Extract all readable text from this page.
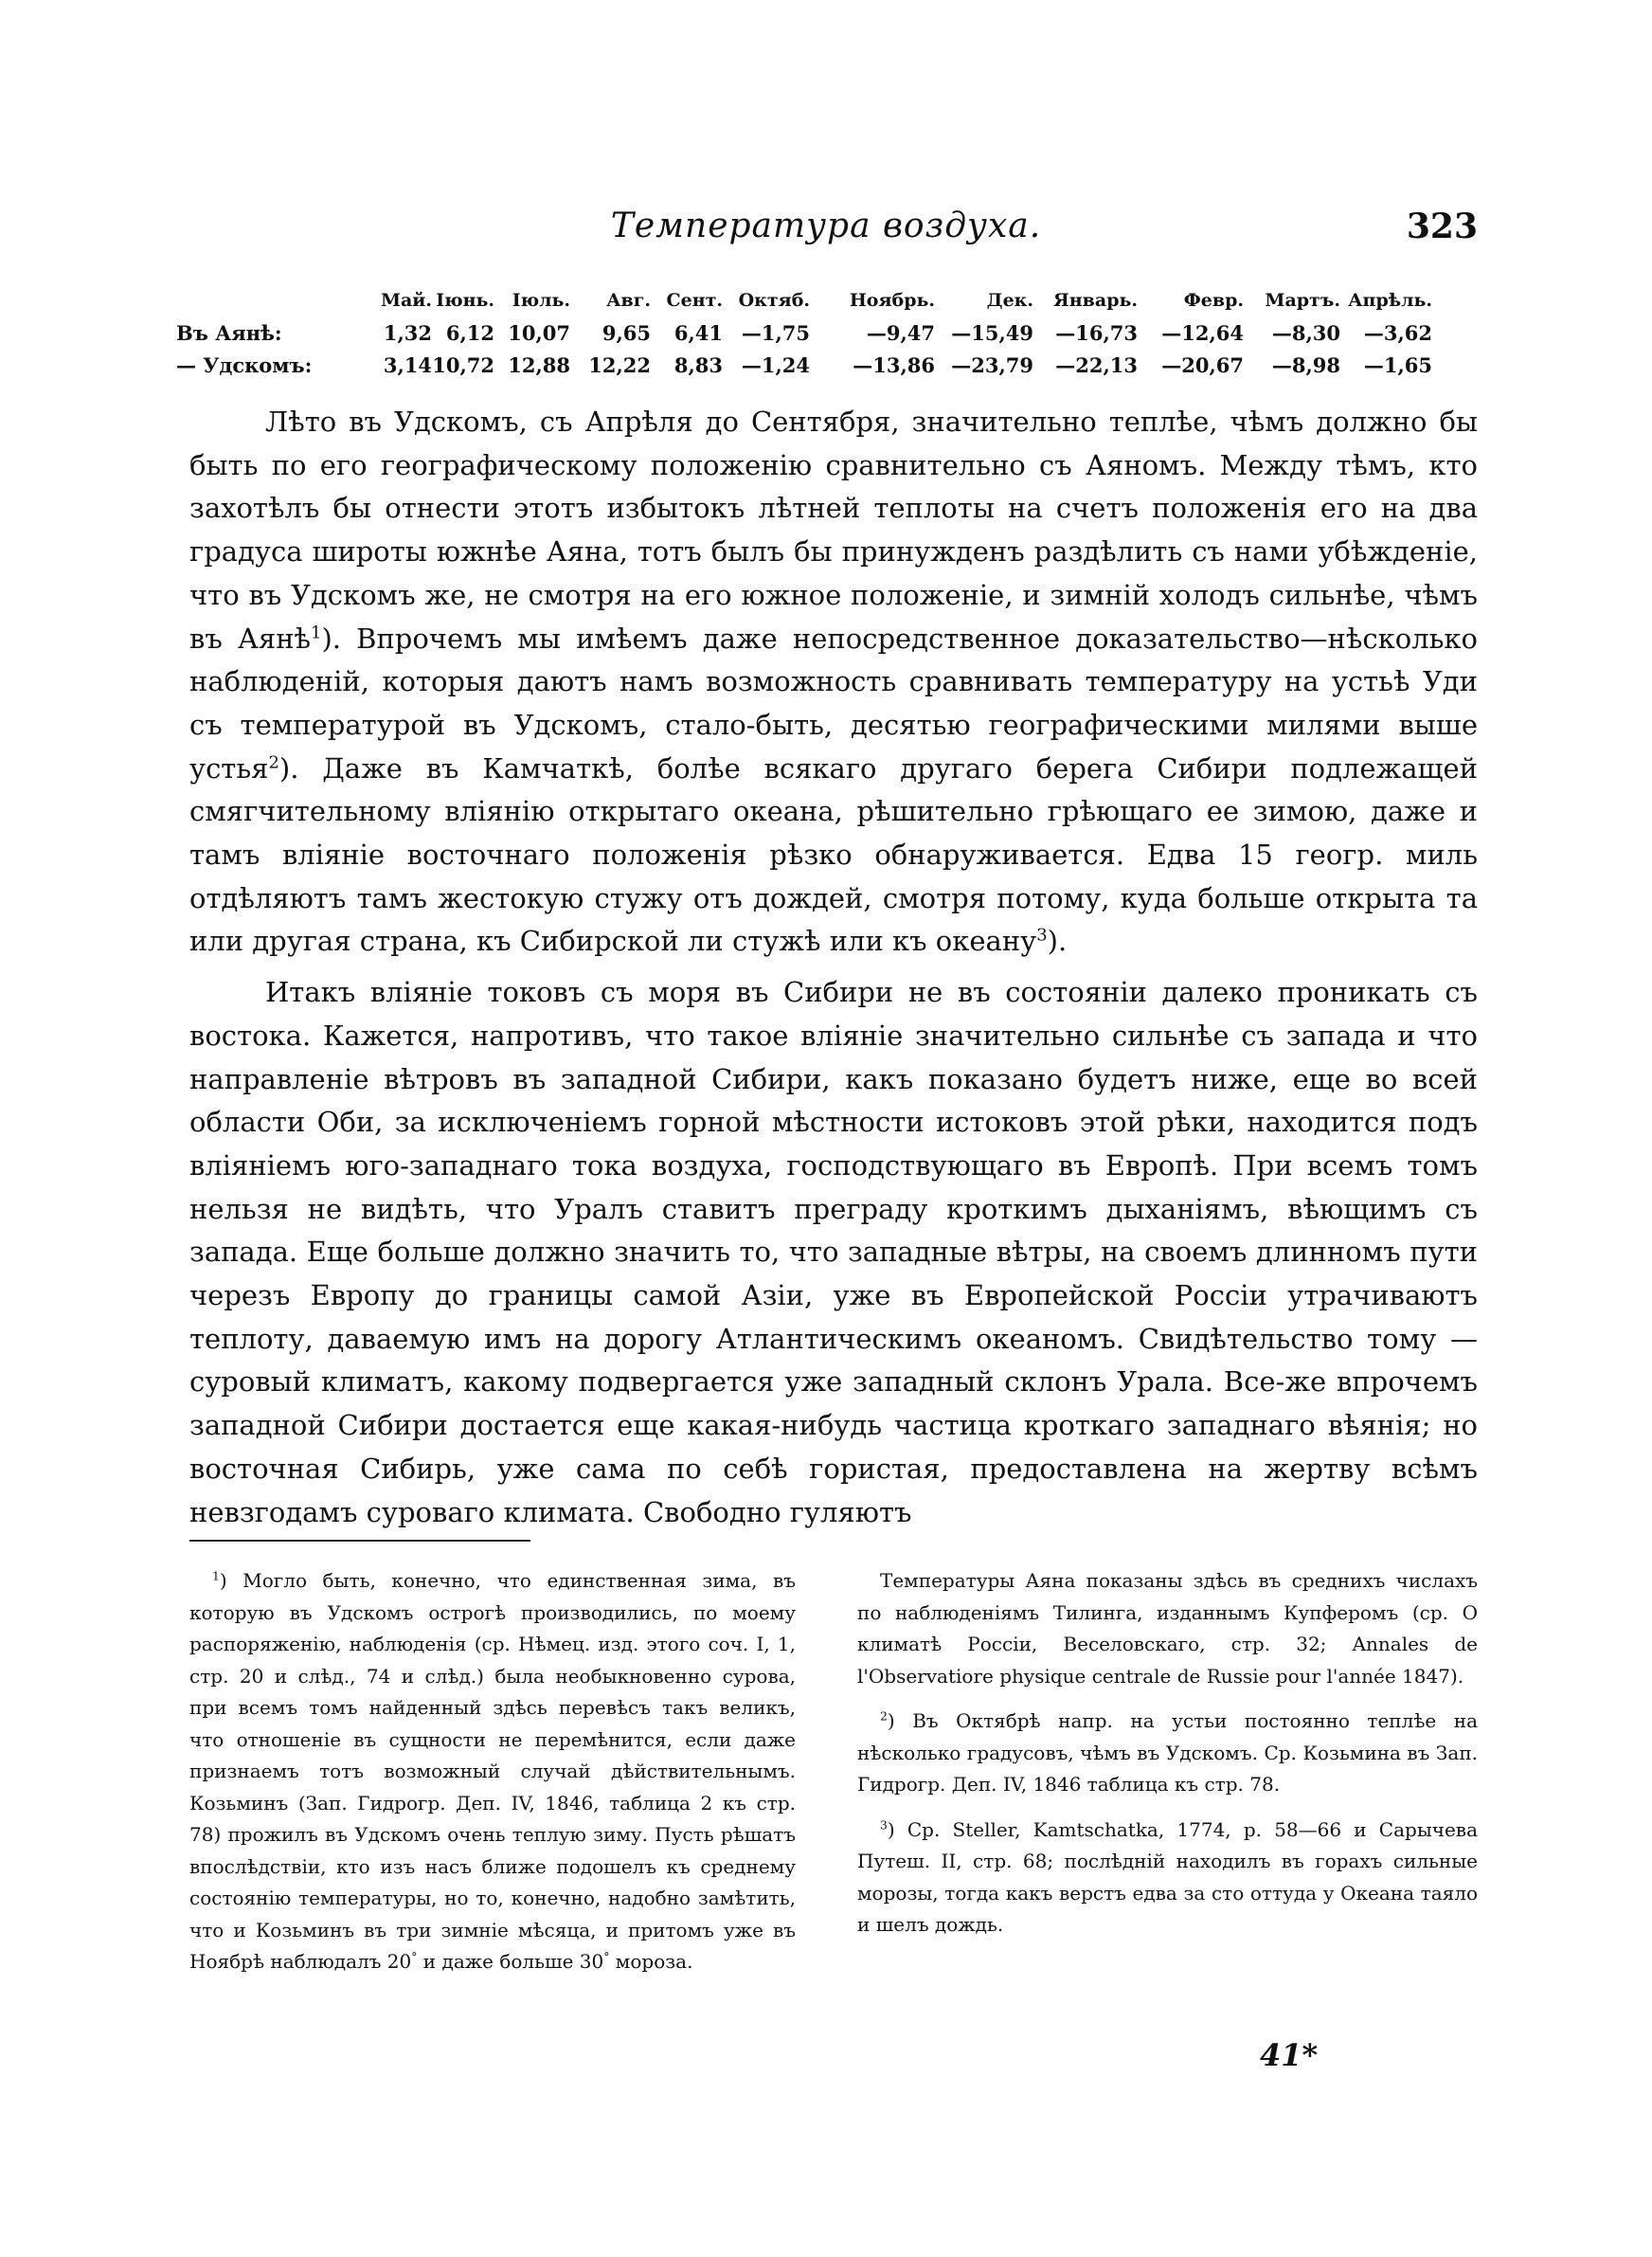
Температура воздуха.	323
	Май.	Іюнь.	Іюль.	Авг.	Сент.	Октяб.	Ноябрь.	Дек.	Январь.	Февр.	Мартъ.	Апрѣль.
Въ Аянѣ:	1,32	6,12	10,07	9,65	6,41	—1,75	—9,47	—15,49	—16,73	—12,64	—8,30	—3,62
— Удскомъ:	3,14	10,72	12,88	12,22	8,83	—1,24	—13,86	—23,79	—22,13	—20,67	—8,98	—1,65

Лѣто въ Удскомъ, съ Апрѣля до Сентября, значительно теплѣе, чѣмъ должно бы быть по его географическому положенію сравнительно съ Аяномъ. Между тѣмъ, кто захотѣлъ бы отнести этотъ избытокъ лѣтней теплоты на счетъ положенія его на два градуса широты южнѣе Аяна, тотъ былъ бы принужденъ раздѣлить съ нами убѣжденіе, что въ Удскомъ же, не смотря на его южное положеніе, и зимній холодъ сильнѣе, чѣмъ въ Аянѣ$^1$). Впрочемъ мы имѣемъ даже непосредственное доказательство—нѣсколько наблюденій, которыя даютъ намъ возможность сравнивать температуру на устьѣ Уди съ температурой въ Удскомъ, стало-быть, десятью географическими милями выше устья$^2$). Даже въ Камчаткѣ, болѣе всякаго другаго берега Сибири подлежащей смягчительному вліянію открытаго океана, рѣшительно грѣющаго ее зимою, даже и тамъ вліяніе восточнаго положенія рѣзко обнаруживается. Едва 15 геогр. миль отдѣляютъ тамъ жестокую стужу отъ дождей, смотря потому, куда больше открыта та или другая страна, къ Сибирской ли стужѣ или къ океану$^3$).

Итакъ вліяніе токовъ съ моря въ Сибири не въ состояніи далеко проникать съ востока. Кажется, напротивъ, что такое вліяніе значительно сильнѣе съ запада и что направленіе вѣтровъ въ западной Сибири, какъ показано будетъ ниже, еще во всей области Оби, за исключеніемъ горной мѣстности истоковъ этой рѣки, находится подъ вліяніемъ юго-западнаго тока воздуха, господствующаго въ Европѣ. При всемъ томъ нельзя не видѣть, что Уралъ ставитъ преграду кроткимъ дыханіямъ, вѣющимъ съ запада. Еще больше должно значить то, что западные вѣтры, на своемъ длинномъ пути черезъ Европу до границы самой Азіи, уже въ Европейской Россіи утрачиваютъ теплоту, даваемую имъ на дорогу Атлантическимъ океаномъ. Свидѣтельство тому — суровый климатъ, какому подвергается уже западный склонъ Урала. Все-же впрочемъ западной Сибири достается еще какая-нибудь частица кроткаго западнаго вѣянія; но восточная Сибирь, уже сама по себѣ гористая, предоставлена на жертву всѣмъ невзгодамъ суроваго климата. Свободно гуляютъ

$^1$) Могло быть, конечно, что единственная зима, въ которую въ Удскомъ острогѣ производились, по моему распоряженію, наблюденія (ср. Нѣмец. изд. этого соч. I, 1, стр. 20 и слѣд., 74 и слѣд.) была необыкновенно сурова, при всемъ томъ найденный здѣсь перевѣсъ такъ великъ, что отношеніе въ сущности не перемѣнится, если даже признаемъ тотъ возможный случай дѣйствительнымъ. Козьминъ (Зап. Гидрогр. Деп. IV, 1846, таблица 2 къ стр. 78) прожилъ въ Удскомъ очень теплую зиму. Пусть рѣшатъ впослѣдствіи, кто изъ насъ ближе подошелъ къ среднему состоянію температуры, но то, конечно, надобно замѣтить, что и Козьминъ въ три зимніе мѣсяца, и притомъ уже въ Ноябрѣ наблюдалъ 20° и даже больше 30° мороза.

Температуры Аяна показаны здѣсь въ среднихъ числахъ по наблюденіямъ Тилинга, изданнымъ Купферомъ (ср. О климатѣ Россіи, Веселовскаго, стр. 32; Annales de l'Observatiore physique centrale de Russie pour l'année 1847).

$^2$) Въ Октябрѣ напр. на устьи постоянно теплѣе на нѣсколько градусовъ, чѣмъ въ Удскомъ. Ср. Козьмина въ Зап. Гидрогр. Деп. IV, 1846 таблица къ стр. 78.

$^3$) Ср. Steller, Kamtschatka, 1774, p. 58—66 и Сарычева Путеш. II, стр. 68; послѣдній находилъ въ горахъ сильные морозы, тогда какъ верстъ едва за сто оттуда у Океана таяло и шелъ дождь.

41*
